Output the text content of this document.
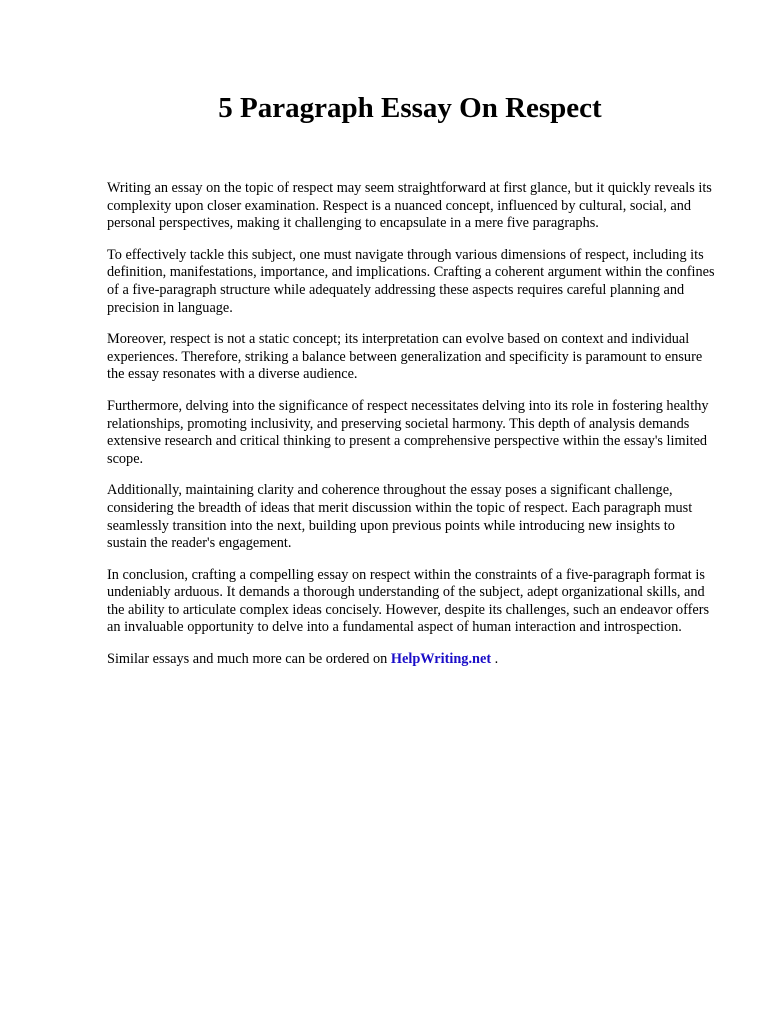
5 Paragraph Essay On Respect

Writing an essay on the topic of respect may seem straightforward at first glance, but it quickly reveals its complexity upon closer examination. Respect is a nuanced concept, influenced by cultural, social, and personal perspectives, making it challenging to encapsulate in a mere five paragraphs.

To effectively tackle this subject, one must navigate through various dimensions of respect, including its definition, manifestations, importance, and implications. Crafting a coherent argument within the confines of a five-paragraph structure while adequately addressing these aspects requires careful planning and precision in language.

Moreover, respect is not a static concept; its interpretation can evolve based on context and individual experiences. Therefore, striking a balance between generalization and specificity is paramount to ensure the essay resonates with a diverse audience.

Furthermore, delving into the significance of respect necessitates delving into its role in fostering healthy relationships, promoting inclusivity, and preserving societal harmony. This depth of analysis demands extensive research and critical thinking to present a comprehensive perspective within the essay's limited scope.

Additionally, maintaining clarity and coherence throughout the essay poses a significant challenge, considering the breadth of ideas that merit discussion within the topic of respect. Each paragraph must seamlessly transition into the next, building upon previous points while introducing new insights to sustain the reader's engagement.

In conclusion, crafting a compelling essay on respect within the constraints of a five-paragraph format is undeniably arduous. It demands a thorough understanding of the subject, adept organizational skills, and the ability to articulate complex ideas concisely. However, despite its challenges, such an endeavor offers an invaluable opportunity to delve into a fundamental aspect of human interaction and introspection.

Similar essays and much more can be ordered on HelpWriting.net .
